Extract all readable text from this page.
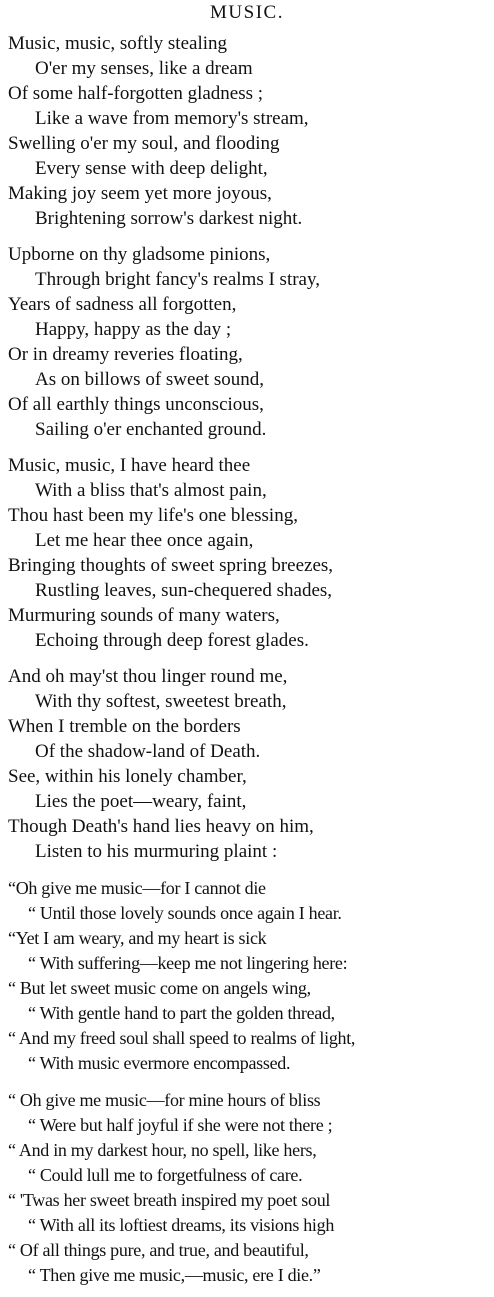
MUSIC.
Music, music, softly stealing
O'er my senses, like a dream
Of some half-forgotten gladness ;
Like a wave from memory's stream,
Swelling o'er my soul, and flooding
Every sense with deep delight,
Making joy seem yet more joyous,
Brightening sorrow's darkest night.
Upborne on thy gladsome pinions,
Through bright fancy's realms I stray,
Years of sadness all forgotten,
Happy, happy as the day ;
Or in dreamy reveries floating,
As on billows of sweet sound,
Of all earthly things unconscious,
Sailing o'er enchanted ground.
Music, music, I have heard thee
With a bliss that's almost pain,
Thou hast been my life's one blessing,
Let me hear thee once again,
Bringing thoughts of sweet spring breezes,
Rustling leaves, sun-chequered shades,
Murmuring sounds of many waters,
Echoing through deep forest glades.
And oh may'st thou linger round me,
With thy softest, sweetest breath,
When I tremble on the borders
Of the shadow-land of Death.
See, within his lonely chamber,
Lies the poet—weary, faint,
Though Death's hand lies heavy on him,
Listen to his murmuring plaint :
“Oh give me music—for I cannot die
“ Until those lovely sounds once again I hear.
“Yet I am weary, and my heart is sick
“ With suffering—keep me not lingering here:
“ But let sweet music come on angels wing,
“ With gentle hand to part the golden thread,
“ And my freed soul shall speed to realms of light,
“ With music evermore encompassed.
“ Oh give me music—for mine hours of bliss
“ Were but half joyful if she were not there ;
“ And in my darkest hour, no spell, like hers,
“ Could lull me to forgetfulness of care.
“ 'Twas her sweet breath inspired my poet soul
“ With all its loftiest dreams, its visions high
“ Of all things pure, and true, and beautiful,
“ Then give me music,—music, ere I die.”
